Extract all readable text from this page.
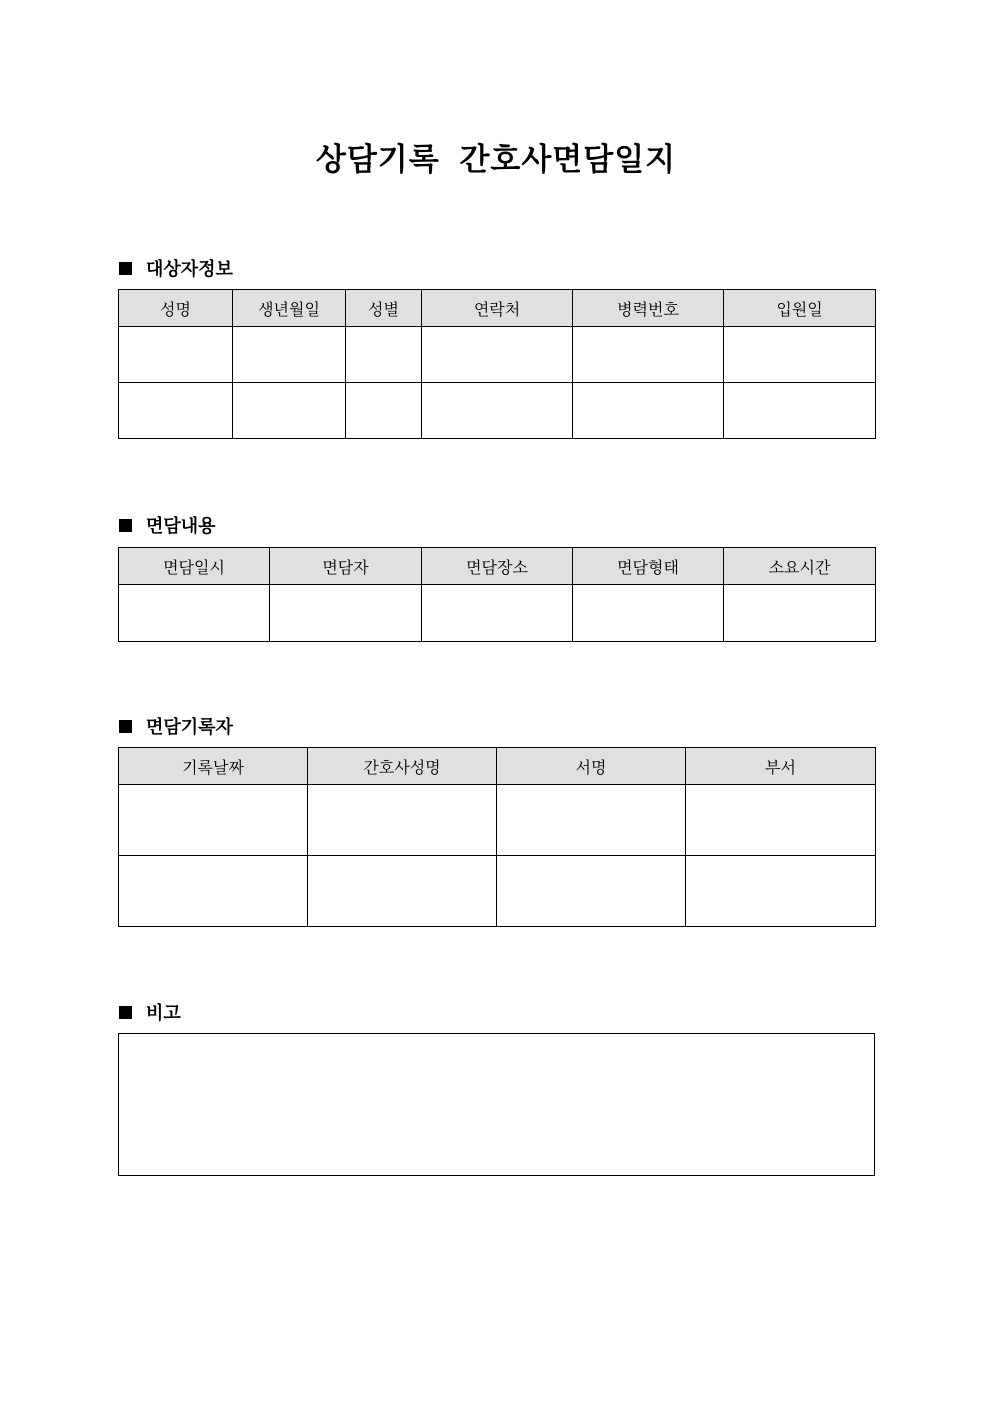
상담기록 간호사면담일지
대상자정보
성명	생년월일	성별	연락처	병력번호	입원일

면담내용
면담일시	면담자	면담장소	면담형태	소요시간

면담기록자
기록날짜	간호사성명	서명	부서

비고
